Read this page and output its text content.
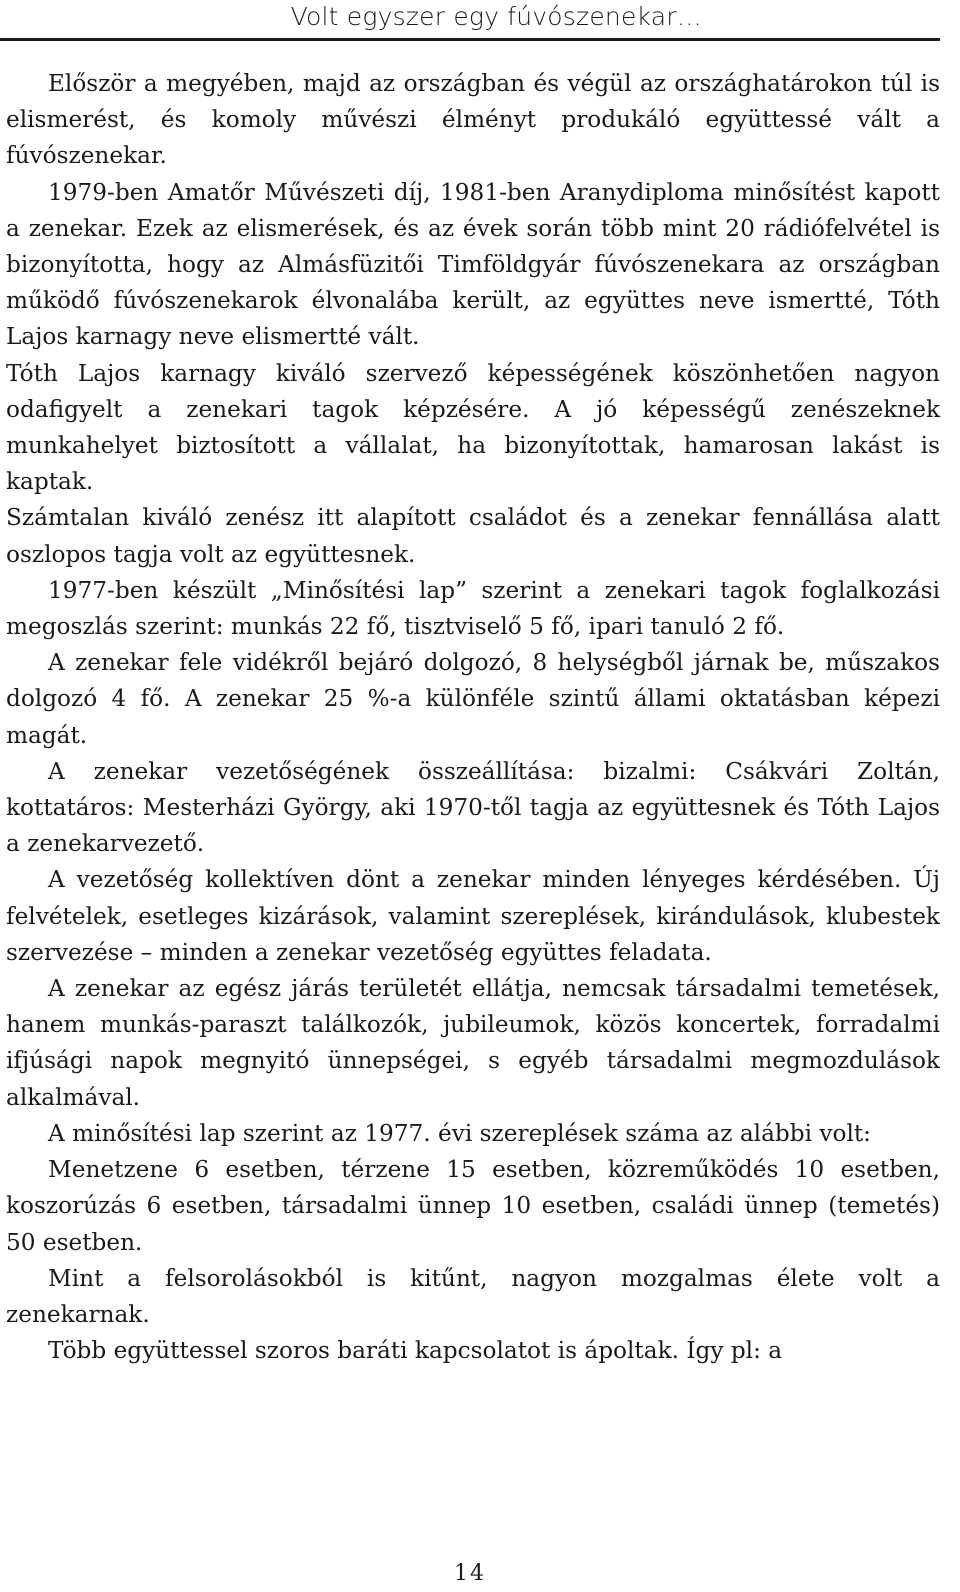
Volt egyszer egy fúvószenekar…

Először a megyében, majd az országban és végül az országhatárokon túl is elismerést, és komoly művészi élményt produkáló együttessé vált a fúvószenekar.

1979-ben Amatőr Művészeti díj, 1981-ben Aranydiploma minősítést kapott a zenekar. Ezek az elismerések, és az évek során több mint 20 rádiófelvétel is bizonyította, hogy az Almásfüzitői Timföldgyár fúvószenekara az országban működő fúvószenekarok élvonalába került, az együttes neve ismertté, Tóth Lajos karnagy neve elismertté vált.

Tóth Lajos karnagy kiváló szervező képességének köszönhetően nagyon odafigyelt a zenekari tagok képzésére. A jó képességű zenészeknek munkahelyet biztosított a vállalat, ha bizonyítottak, hamarosan lakást is kaptak.

Számtalan kiváló zenész itt alapított családot és a zenekar fennállása alatt oszlopos tagja volt az együttesnek.

1977-ben készült „Minősítési lap” szerint a zenekari tagok foglalkozási megoszlás szerint: munkás 22 fő, tisztviselő 5 fő, ipari tanuló 2 fő.

A zenekar fele vidékről bejáró dolgozó, 8 helységből járnak be, műszakos dolgozó 4 fő. A zenekar 25 %-a különféle szintű állami oktatásban képezi magát.

A zenekar vezetőségének összeállítása: bizalmi: Csákvári Zoltán, kottatáros: Mesterházi György, aki 1970-től tagja az együttesnek és Tóth Lajos a zenekarvezető.

A vezetőség kollektíven dönt a zenekar minden lényeges kérdésében. Új felvételek, esetleges kizárások, valamint szereplések, kirándulások, klubestek szervezése – minden a zenekar vezetőség együttes feladata.

A zenekar az egész járás területét ellátja, nemcsak társadalmi temetések, hanem munkás-paraszt találkozók, jubileumok, közös koncertek, forradalmi ifjúsági napok megnyitó ünnepségei, s egyéb társadalmi megmozdulások alkalmával.

A minősítési lap szerint az 1977. évi szereplések száma az alábbi volt:

Menetzene 6 esetben, térzene 15 esetben, közreműködés 10 esetben, koszorúzás 6 esetben, társadalmi ünnep 10 esetben, családi ünnep (temetés) 50 esetben.

Mint a felsorolásokból is kitűnt, nagyon mozgalmas élete volt a zenekarnak.

Több együttessel szoros baráti kapcsolatot is ápoltak. Így pl: a

14
